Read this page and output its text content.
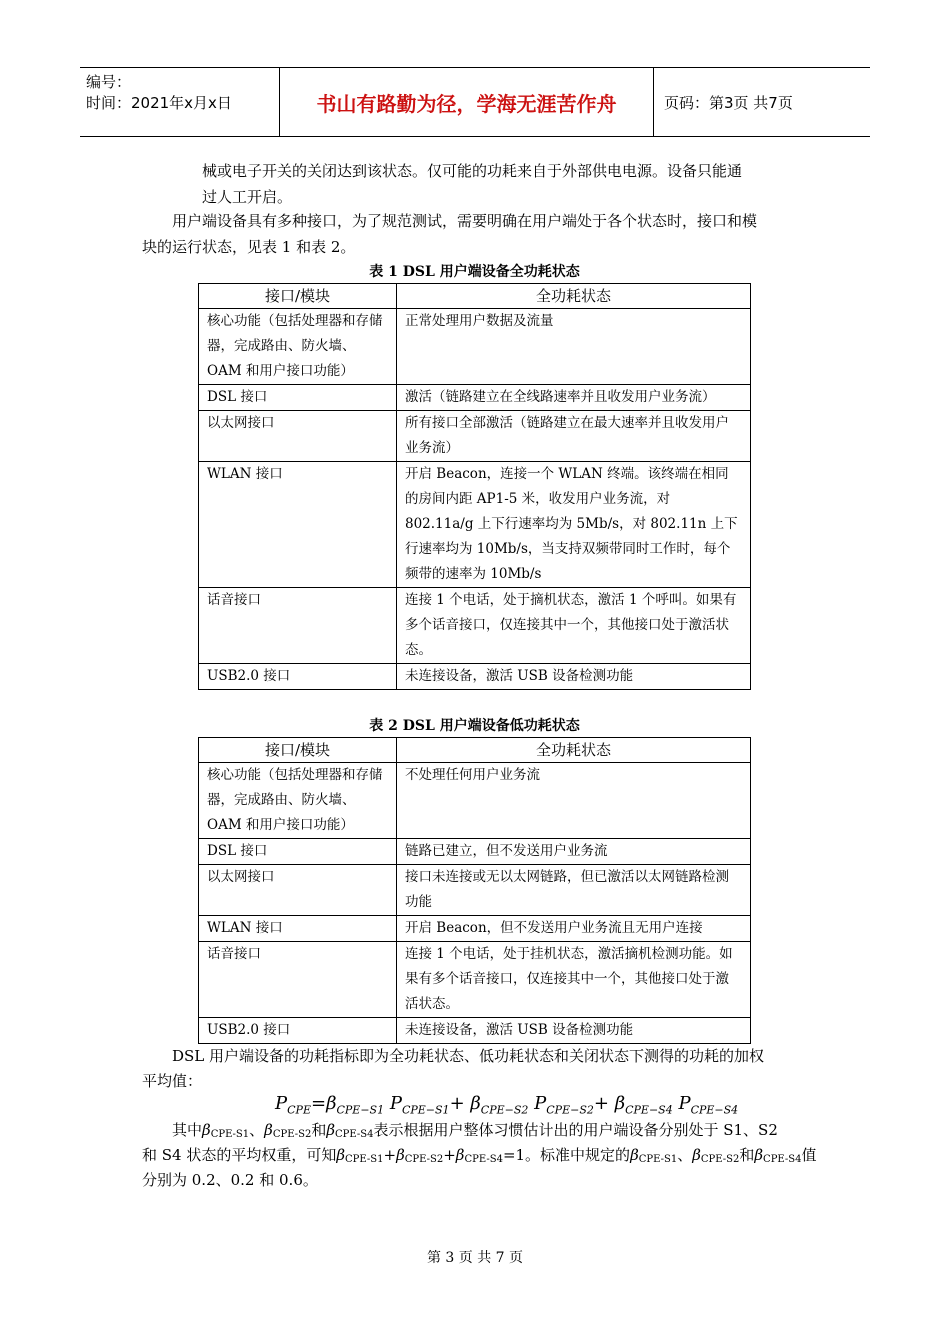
编号：
时间：2021年x月x日	书山有路勤为径，学海无涯苦作舟	页码：第3页 共7页
械或电子开关的关闭达到该状态。仅可能的功耗来自于外部供电电源。设备只能通
过人工开启。
用户端设备具有多种接口，为了规范测试，需要明确在用户端处于各个状态时，接口和模
块的运行状态，见表 1 和表 2。
表 1 DSL 用户端设备全功耗状态
接口/模块	全功耗状态
核心功能（包括处理器和存储器，完成路由、防火墙、OAM 和用户接口功能）	正常处理用户数据及流量
DSL 接口	激活（链路建立在全线路速率并且收发用户业务流）
以太网接口	所有接口全部激活（链路建立在最大速率并且收发用户业务流）
WLAN 接口	开启 Beacon，连接一个 WLAN 终端。该终端在相同的房间内距 AP1-5 米，收发用户业务流，对 802.11a/g 上下行速率均为 5Mb/s，对 802.11n 上下行速率均为 10Mb/s，当支持双频带同时工作时，每个频带的速率为 10Mb/s
话音接口	连接 1 个电话，处于摘机状态，激活 1 个呼叫。如果有多个话音接口，仅连接其中一个，其他接口处于激活状态。
USB2.0 接口	未连接设备，激活 USB 设备检测功能
表 2 DSL 用户端设备低功耗状态
接口/模块	全功耗状态
核心功能（包括处理器和存储器，完成路由、防火墙、OAM 和用户接口功能）	不处理任何用户业务流
DSL 接口	链路已建立，但不发送用户业务流
以太网接口	接口未连接或无以太网链路，但已激活以太网链路检测功能
WLAN 接口	开启 Beacon，但不发送用户业务流且无用户连接
话音接口	连接 1 个电话，处于挂机状态，激活摘机检测功能。如果有多个话音接口，仅连接其中一个，其他接口处于激活状态。
USB2.0 接口	未连接设备，激活 USB 设备检测功能
DSL 用户端设备的功耗指标即为全功耗状态、低功耗状态和关闭状态下测得的功耗的加权
平均值：
$P_{CPE}=\beta_{CPE-S1}$ $P_{CPE-S1}+ \beta_{CPE-S2}$ $P_{CPE-S2}+ \beta_{CPE-S4}$ $P_{CPE-S4}$
其中βCPE-S1、βCPE-S2和βCPE-S4表示根据用户整体习惯估计出的用户端设备分别处于 S1、S2
和 S4 状态的平均权重，可知βCPE-S1+βCPE-S2+βCPE-S4=1。标准中规定的βCPE-S1、βCPE-S2和βCPE-S4值
分别为 0.2、0.2 和 0.6。
第 3 页 共 7 页
